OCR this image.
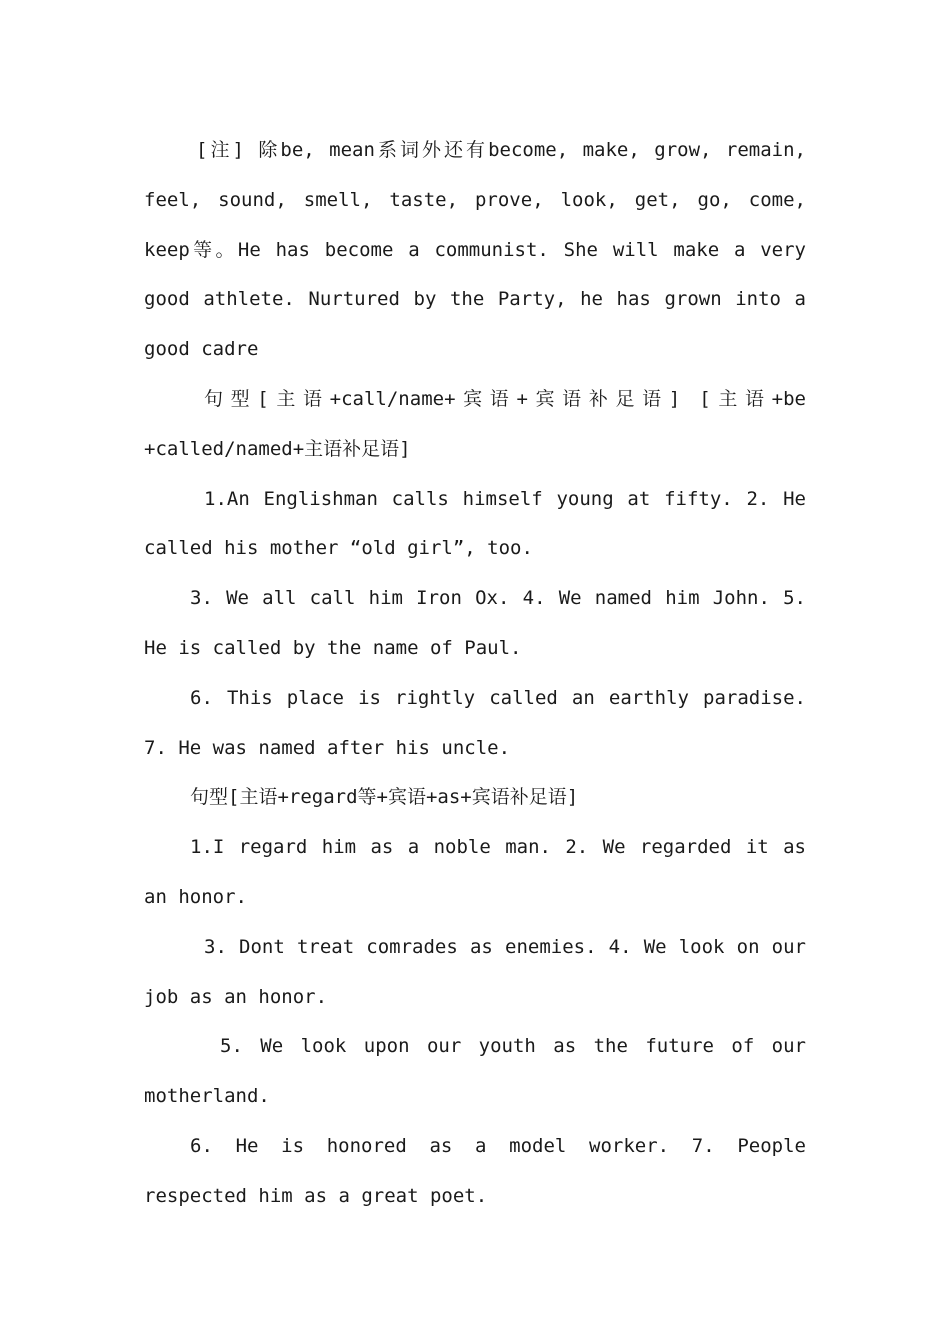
[注] 除be, mean系词外还有become, make, grow, remain, feel, sound, smell, taste, prove, look, get, go, come, keep等。He has become a communist. She will make a very good athlete. Nurtured by the Party, he has grown into a good cadre

句型[主语+call/name+宾语+宾语补足语] [主语+be +called/named+主语补足语]

1.An Englishman calls himself young at fifty. 2. He called his mother “old girl”, too.

3. We all call him Iron Ox. 4. We named him John. 5. He is called by the name of Paul.

6. This place is rightly called an earthly paradise. 7. He was named after his uncle.

句型[主语+regard等+宾语+as+宾语补足语]

1.I regard him as a noble man. 2. We regarded it as an honor.

3. Dont treat comrades as enemies. 4. We look on our job as an honor.

5. We look upon our youth as the future of our motherland.

6. He is honored as a model worker. 7. People respected him as a great poet.
